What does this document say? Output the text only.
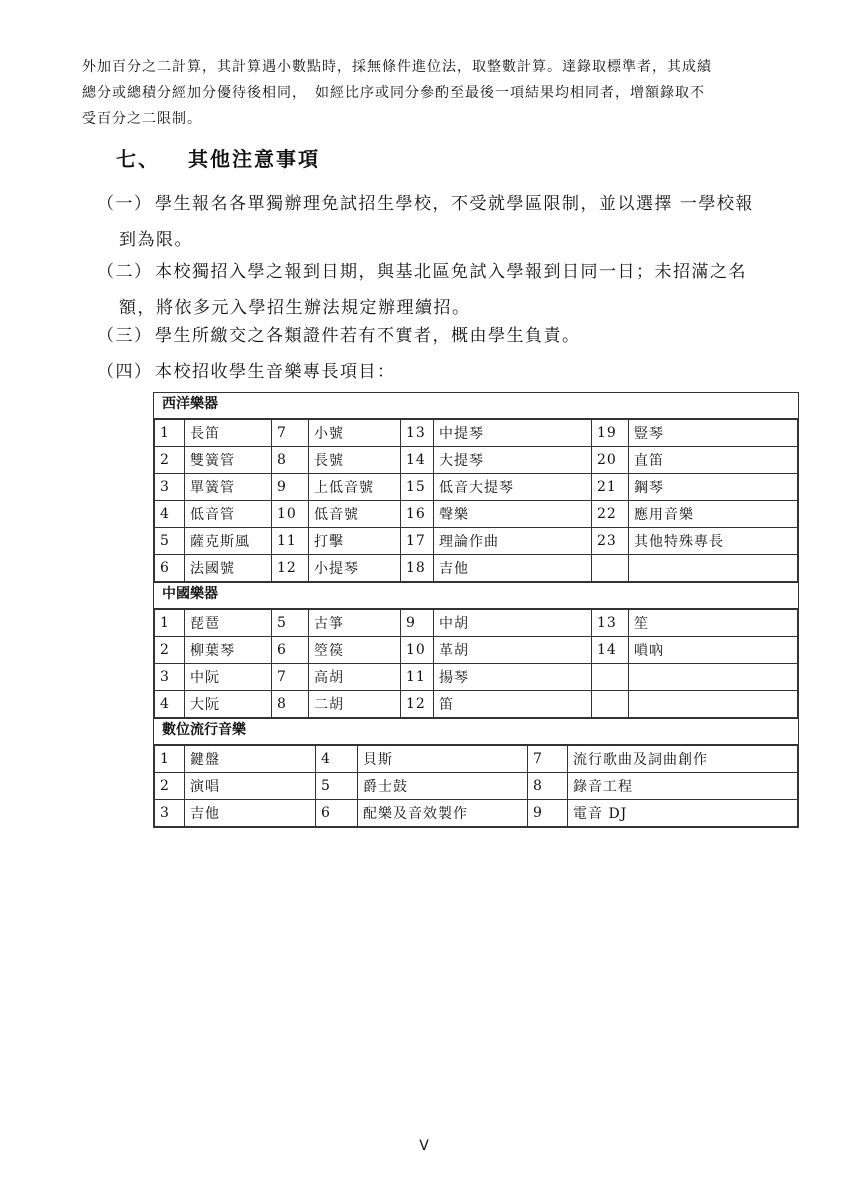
外加百分之二計算，其計算遇小數點時，採無條件進位法，取整數計算。達錄取標準者，其成績

總分或總積分經加分優待後相同，　如經比序或同分參酌至最後一項結果均相同者，增額錄取不

受百分之二限制。

七、 其他注意事項
（一） 學生報名各單獨辦理免試招生學校，不受就學區限制，並以選擇 一學校報
到為限。
（二） 本校獨招入學之報到日期，與基北區免試入學報到日同一日；未招滿之名
額，將依多元入學招生辦法規定辦理續招。
（三） 學生所繳交之各類證件若有不實者，概由學生負責。
（四） 本校招收學生音樂專長項目：
西洋樂器
1	長笛	7	小號	13	中提琴	19	豎琴
2	雙簧管	8	長號	14	大提琴	20	直笛
3	單簧管	9	上低音號	15	低音大提琴	21	鋼琴
4	低音管	10	低音號	16	聲樂	22	應用音樂
5	薩克斯風	11	打擊	17	理論作曲	23	其他特殊專長
6	法國號	12	小提琴	18	吉他		
中國樂器
1	琵琶	5	古箏	9	中胡	13	笙
2	柳葉琴	6	箜篌	10	革胡	14	嗩吶
3	中阮	7	高胡	11	揚琴		
4	大阮	8	二胡	12	笛		
數位流行音樂
1	鍵盤	4	貝斯	7	流行歌曲及詞曲創作
2	演唱	5	爵士鼓	8	錄音工程
3	吉他	6	配樂及音效製作	9	電音 DJ
V
